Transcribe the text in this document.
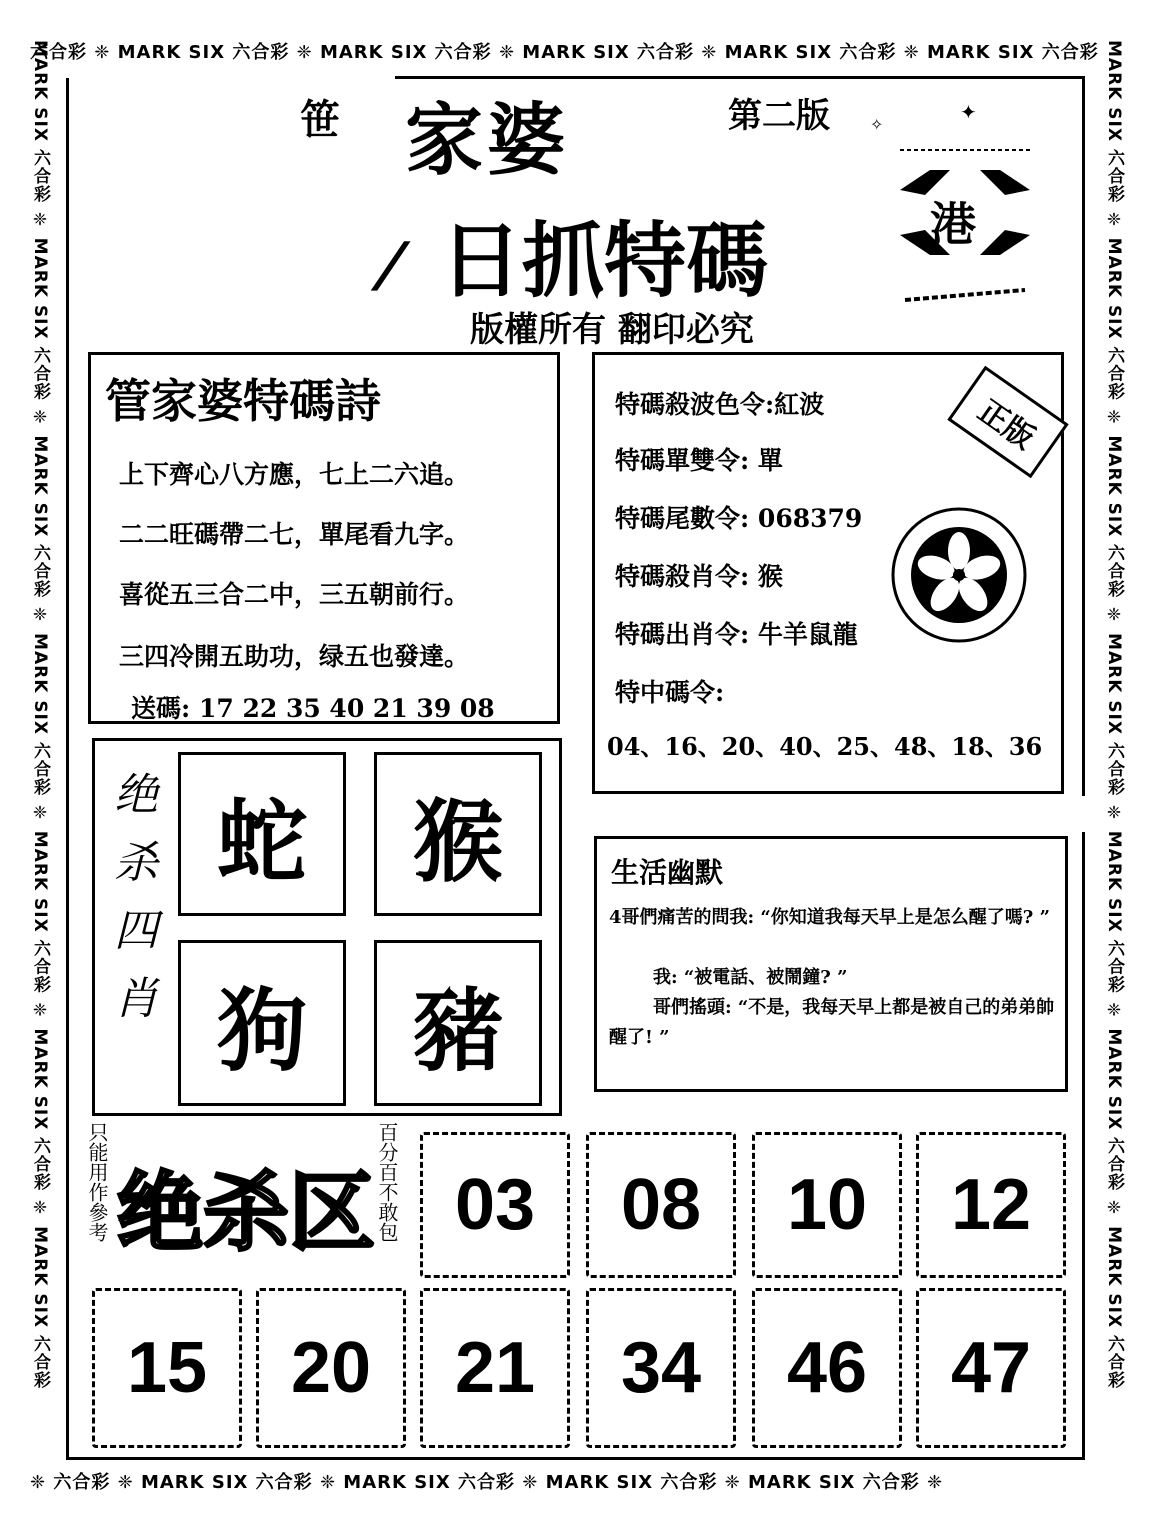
六合彩 ❈ MARK SIX 六合彩 ❈ MARK SIX 六合彩 ❈ MARK SIX 六合彩 ❈ MARK SIX 六合彩 ❈ MARK SIX 六合彩
❈ 六合彩 ❈ MARK SIX 六合彩 ❈ MARK SIX 六合彩 ❈ MARK SIX 六合彩 ❈ MARK SIX 六合彩 ❈
MARK SIX 六合彩 ❈ MARK SIX 六合彩 ❈ MARK SIX 六合彩 ❈ MARK SIX 六合彩 ❈ MARK SIX 六合彩 ❈ MARK SIX 六合彩 ❈ MARK SIX 六合彩	MARK SIX 六合彩 ❈ MARK SIX 六合彩 ❈ MARK SIX 六合彩 ❈ MARK SIX 六合彩 ❈ MARK SIX 六合彩 ❈ MARK SIX 六合彩 ❈ MARK SIX 六合彩
笹 家婆	第二版	✦
✧
/ 日抓特碼
版權所有 翻印必究
港
管家婆特碼詩
上下齊心八方應，七上二六追。
二二旺碼帶二七，單尾看九字。
喜從五三合二中，三五朝前行。
三四冷開五助功，绿五也發達。
送碼: 17 22 35 40 21 39 08
特碼殺波色令:紅波
特碼單雙令: 單
特碼尾數令: 068379
特碼殺肖令: 猴
特碼出肖令: 牛羊鼠龍
特中碼令:
04、16、20、40、25、48、18、36
正版
绝杀四肖 蛇	猴
狗	豬
生活幽默
4哥們痛苦的問我: “你知道我每天早上是怎么醒了嗎? ”
我: “被電話、被鬧鐘? ”
哥們搖頭: “不是，我每天早上都是被自己的弟弟帥醒了! ”
只能用作參考 绝杀区 百分百不敢包 03	08	10	12
15	20	21	34	46	47
